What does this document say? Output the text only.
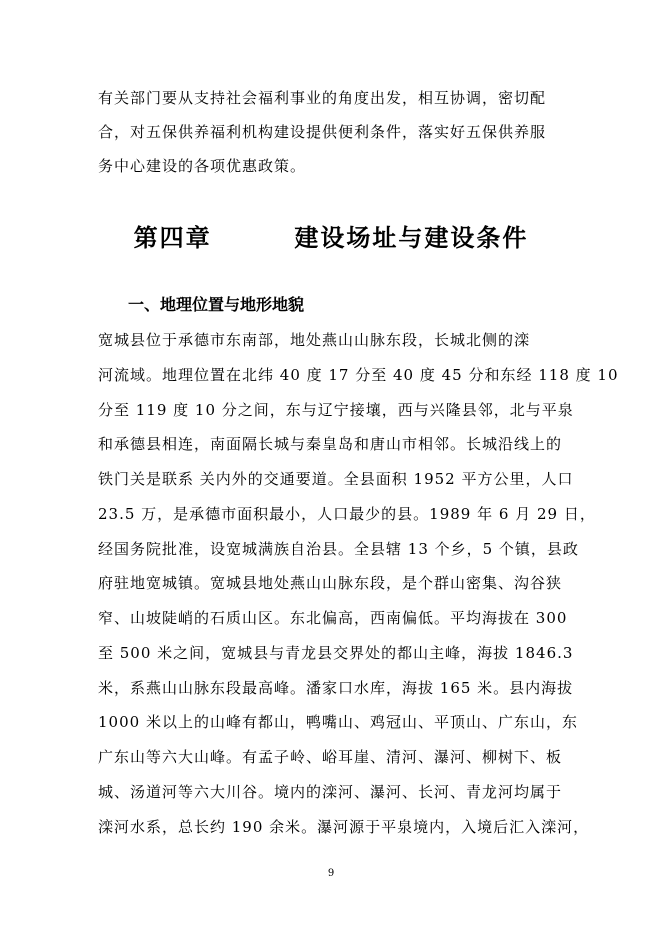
有关部门要从支持社会福利事业的角度出发，相互协调，密切配
合，对五保供养福利机构建设提供便利条件，落实好五保供养服
务中心建设的各项优惠政策。
第四章	建设场址与建设条件
一、地理位置与地形地貌
宽城县位于承德市东南部，地处燕山山脉东段，长城北侧的滦
河流域。地理位置在北纬 40 度 17 分至 40 度 45 分和东经 118 度 10
分至 119 度 10 分之间，东与辽宁接壤，西与兴隆县邻，北与平泉
和承德县相连，南面隔长城与秦皇岛和唐山市相邻。长城沿线上的
铁门关是联系 关内外的交通要道。全县面积 1952 平方公里，人口
23.5 万，是承德市面积最小，人口最少的县。1989 年 6 月 29 日，
经国务院批准，设宽城满族自治县。全县辖 13 个乡，5 个镇，县政
府驻地宽城镇。宽城县地处燕山山脉东段，是个群山密集、沟谷狭
窄、山坡陡峭的石质山区。东北偏高，西南偏低。平均海拔在 300
至 500 米之间，宽城县与青龙县交界处的都山主峰，海拔 1846.3
米，系燕山山脉东段最高峰。潘家口水库，海拔 165 米。县内海拔
1000 米以上的山峰有都山，鸭嘴山、鸡冠山、平顶山、广东山，东
广东山等六大山峰。有孟子岭、峪耳崖、清河、瀑河、柳树下、板
城、汤道河等六大川谷。境内的滦河、瀑河、长河、青龙河均属于
滦河水系，总长约 190 余米。瀑河源于平泉境内，入境后汇入滦河，
9
